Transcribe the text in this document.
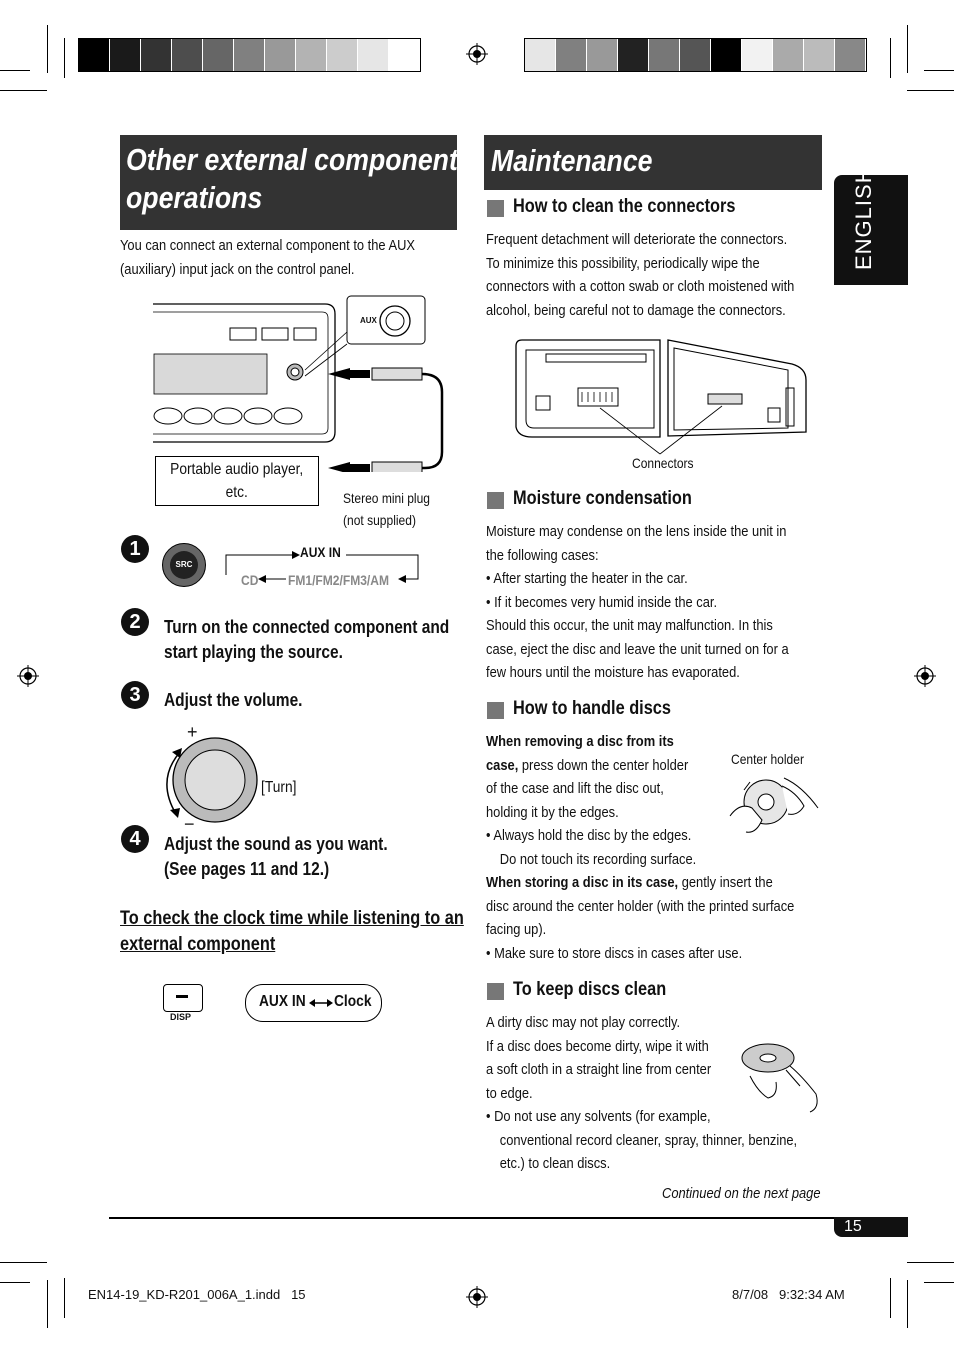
Other external component
operations
You can connect an external component to the AUX
(auxiliary) input jack on the control panel.
AUX
Portable audio player,
etc.	Stereo mini plug
(not supplied)
1
SRC
AUX IN
CD FM1/FM2/FM3/AM
2	Turn on the connected component and
start playing the source.
3	Adjust the volume.
+
−
[Turn]
4	Adjust the sound as you want.
(See pages 11 and 12.)
To check the clock time while listening to an
external component
DISP
AUX IN Clock
Maintenance
How to clean the connectors
Frequent detachment will deteriorate the connectors.
To minimize this possibility, periodically wipe the
connectors with a cotton swab or cloth moistened with
alcohol, being careful not to damage the connectors.
Connectors
Moisture condensation
Moisture may condense on the lens inside the unit in
the following cases:
• After starting the heater in the car.
• If it becomes very humid inside the car.
Should this occur, the unit may malfunction. In this
case, eject the disc and leave the unit turned on for a
few hours until the moisture has evaporated.
How to handle discs
When removing a disc from its
case, press down the center holder
of the case and lift the disc out,
holding it by the edges.
• Always hold the disc by the edges.
Do not touch its recording surface.
When storing a disc in its case, gently insert the
disc around the center holder (with the printed surface
facing up).
• Make sure to store discs in cases after use.
Center holder
To keep discs clean
A dirty disc may not play correctly.
If a disc does become dirty, wipe it with
a soft cloth in a straight line from center
to edge.
• Do not use any solvents (for example,
conventional record cleaner, spray, thinner, benzine,
etc.) to clean discs.
Continued on the next page
ENGLISH
15
EN14-19_KD-R201_006A_1.indd   15	8/7/08   9:32:34 AM
